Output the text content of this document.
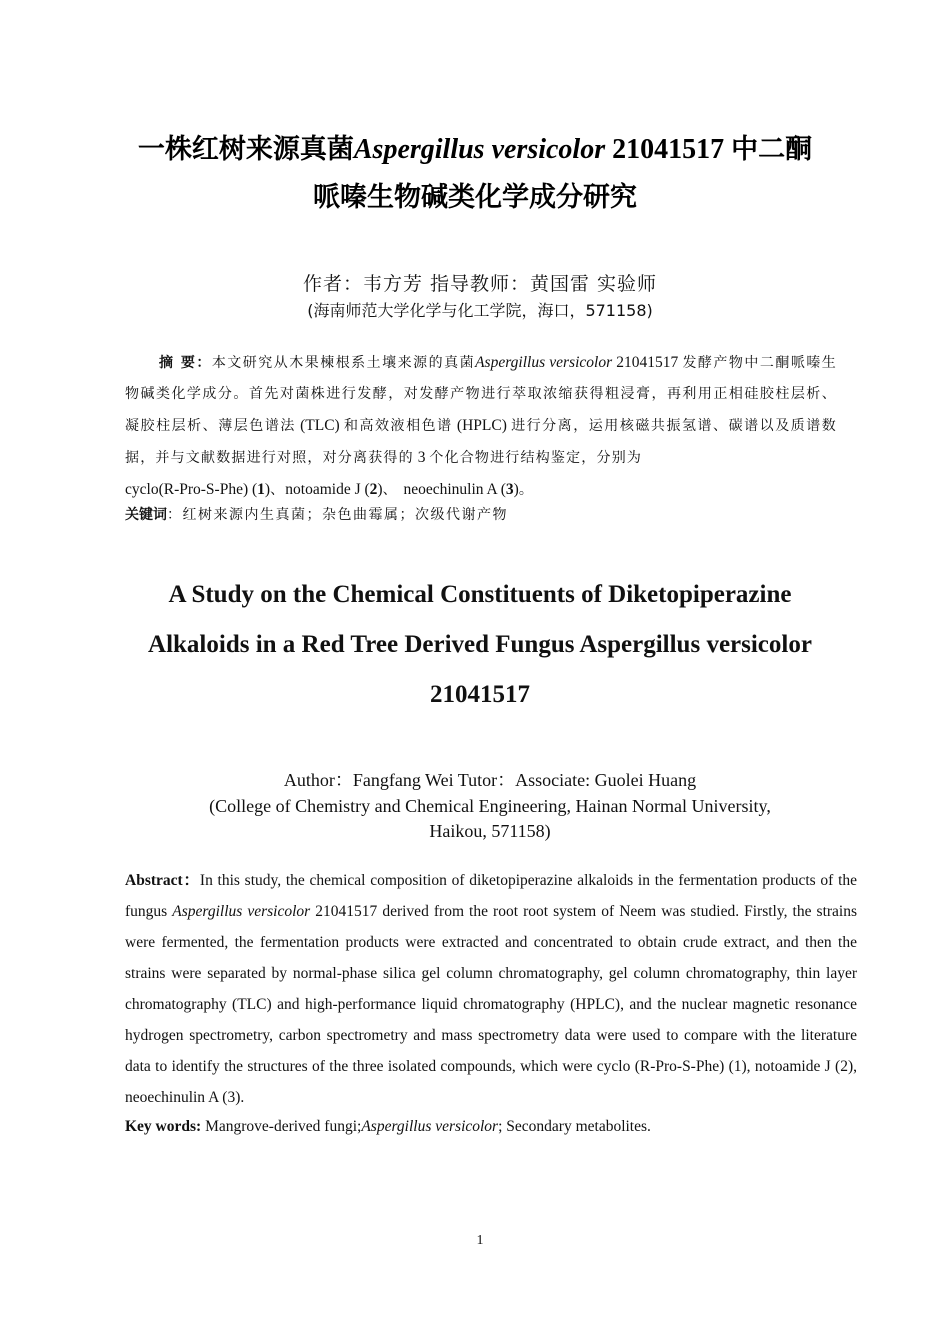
一株红树来源真菌Aspergillus versicolor 21041517 中二酮
哌嗪生物碱类化学成分研究
作者：韦方芳 指导教师：黄国雷 实验师
(海南师范大学化学与化工学院，海口，571158)
摘 要：本文研究从木果楝根系土壤来源的真菌Aspergillus versicolor 21041517 发酵产物中二酮哌嗪生物碱类化学成分。首先对菌株进行发酵，对发酵产物进行萃取浓缩获得粗浸膏，再利用正相硅胶柱层析、凝胶柱层析、薄层色谱法 (TLC) 和高效液相色谱 (HPLC) 进行分离，运用核磁共振氢谱、碳谱以及质谱数据，并与文献数据进行对照，对分离获得的 3 个化合物进行结构鉴定，分别为
cyclo(R-Pro-S-Phe) (1)、notoamide J (2)、 neoechinulin A (3)。
关键词：红树来源内生真菌；杂色曲霉属；次级代谢产物
A Study on the Chemical Constituents of Diketopiperazine
Alkaloids in a Red Tree Derived Fungus Aspergillus versicolor
21041517
Author：Fangfang Wei Tutor：Associate: Guolei Huang
(College of Chemistry and Chemical Engineering, Hainan Normal University,
Haikou, 571158)
Abstract：In this study, the chemical composition of diketopiperazine alkaloids in the fermentation products of the fungus Aspergillus versicolor 21041517 derived from the root root system of Neem was studied. Firstly, the strains were fermented, the fermentation products were extracted and concentrated to obtain crude extract, and then the strains were separated by normal-phase silica gel column chromatography, gel column chromatography, thin layer chromatography (TLC) and high-performance liquid chromatography (HPLC), and the nuclear magnetic resonance hydrogen spectrometry, carbon spectrometry and mass spectrometry data were used to compare with the literature data to identify the structures of the three isolated compounds, which were cyclo (R-Pro-S-Phe) (1), notoamide J (2), neoechinulin A (3).
Key words: Mangrove-derived fungi;Aspergillus versicolor; Secondary metabolites.
1
